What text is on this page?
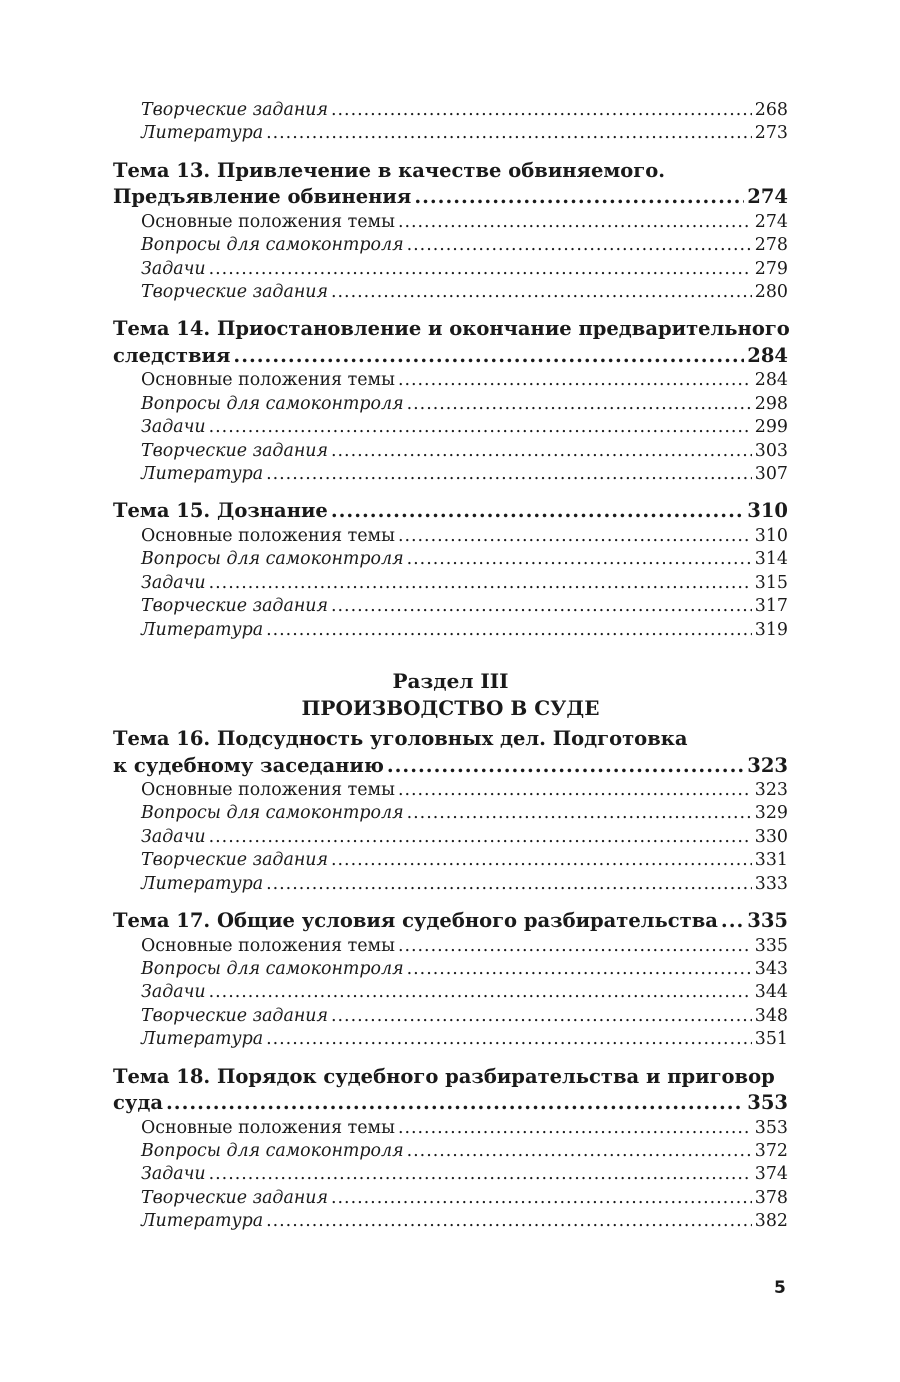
Творческие задания .....	268
Литература .....	273
Тема 13. Привлечение в качестве обвиняемого.
Предъявление обвинения .....	274
Основные положения темы .....	274
Вопросы для самоконтроля .....	278
Задачи .....	279
Творческие задания .....	280
Тема 14. Приостановление и окончание предварительного
следствия .....	284
Основные положения темы .....	284
Вопросы для самоконтроля .....	298
Задачи .....	299
Творческие задания .....	303
Литература .....	307
Тема 15. Дознание .....	310
Основные положения темы .....	310
Вопросы для самоконтроля .....	314
Задачи .....	315
Творческие задания .....	317
Литература .....	319
Раздел III
ПРОИЗВОДСТВО В СУДЕ
Тема 16. Подсудность уголовных дел. Подготовка
к судебному заседанию .....	323
Основные положения темы .....	323
Вопросы для самоконтроля .....	329
Задачи .....	330
Творческие задания .....	331
Литература .....	333
Тема 17. Общие условия судебного разбирательства ..... 335
Основные положения темы .....	335
Вопросы для самоконтроля .....	343
Задачи .....	344
Творческие задания .....	348
Литература .....	351
Тема 18. Порядок судебного разбирательства и приговор
суда .....	353
Основные положения темы .....	353
Вопросы для самоконтроля .....	372
Задачи .....	374
Творческие задания .....	378
Литература .....	382
5
